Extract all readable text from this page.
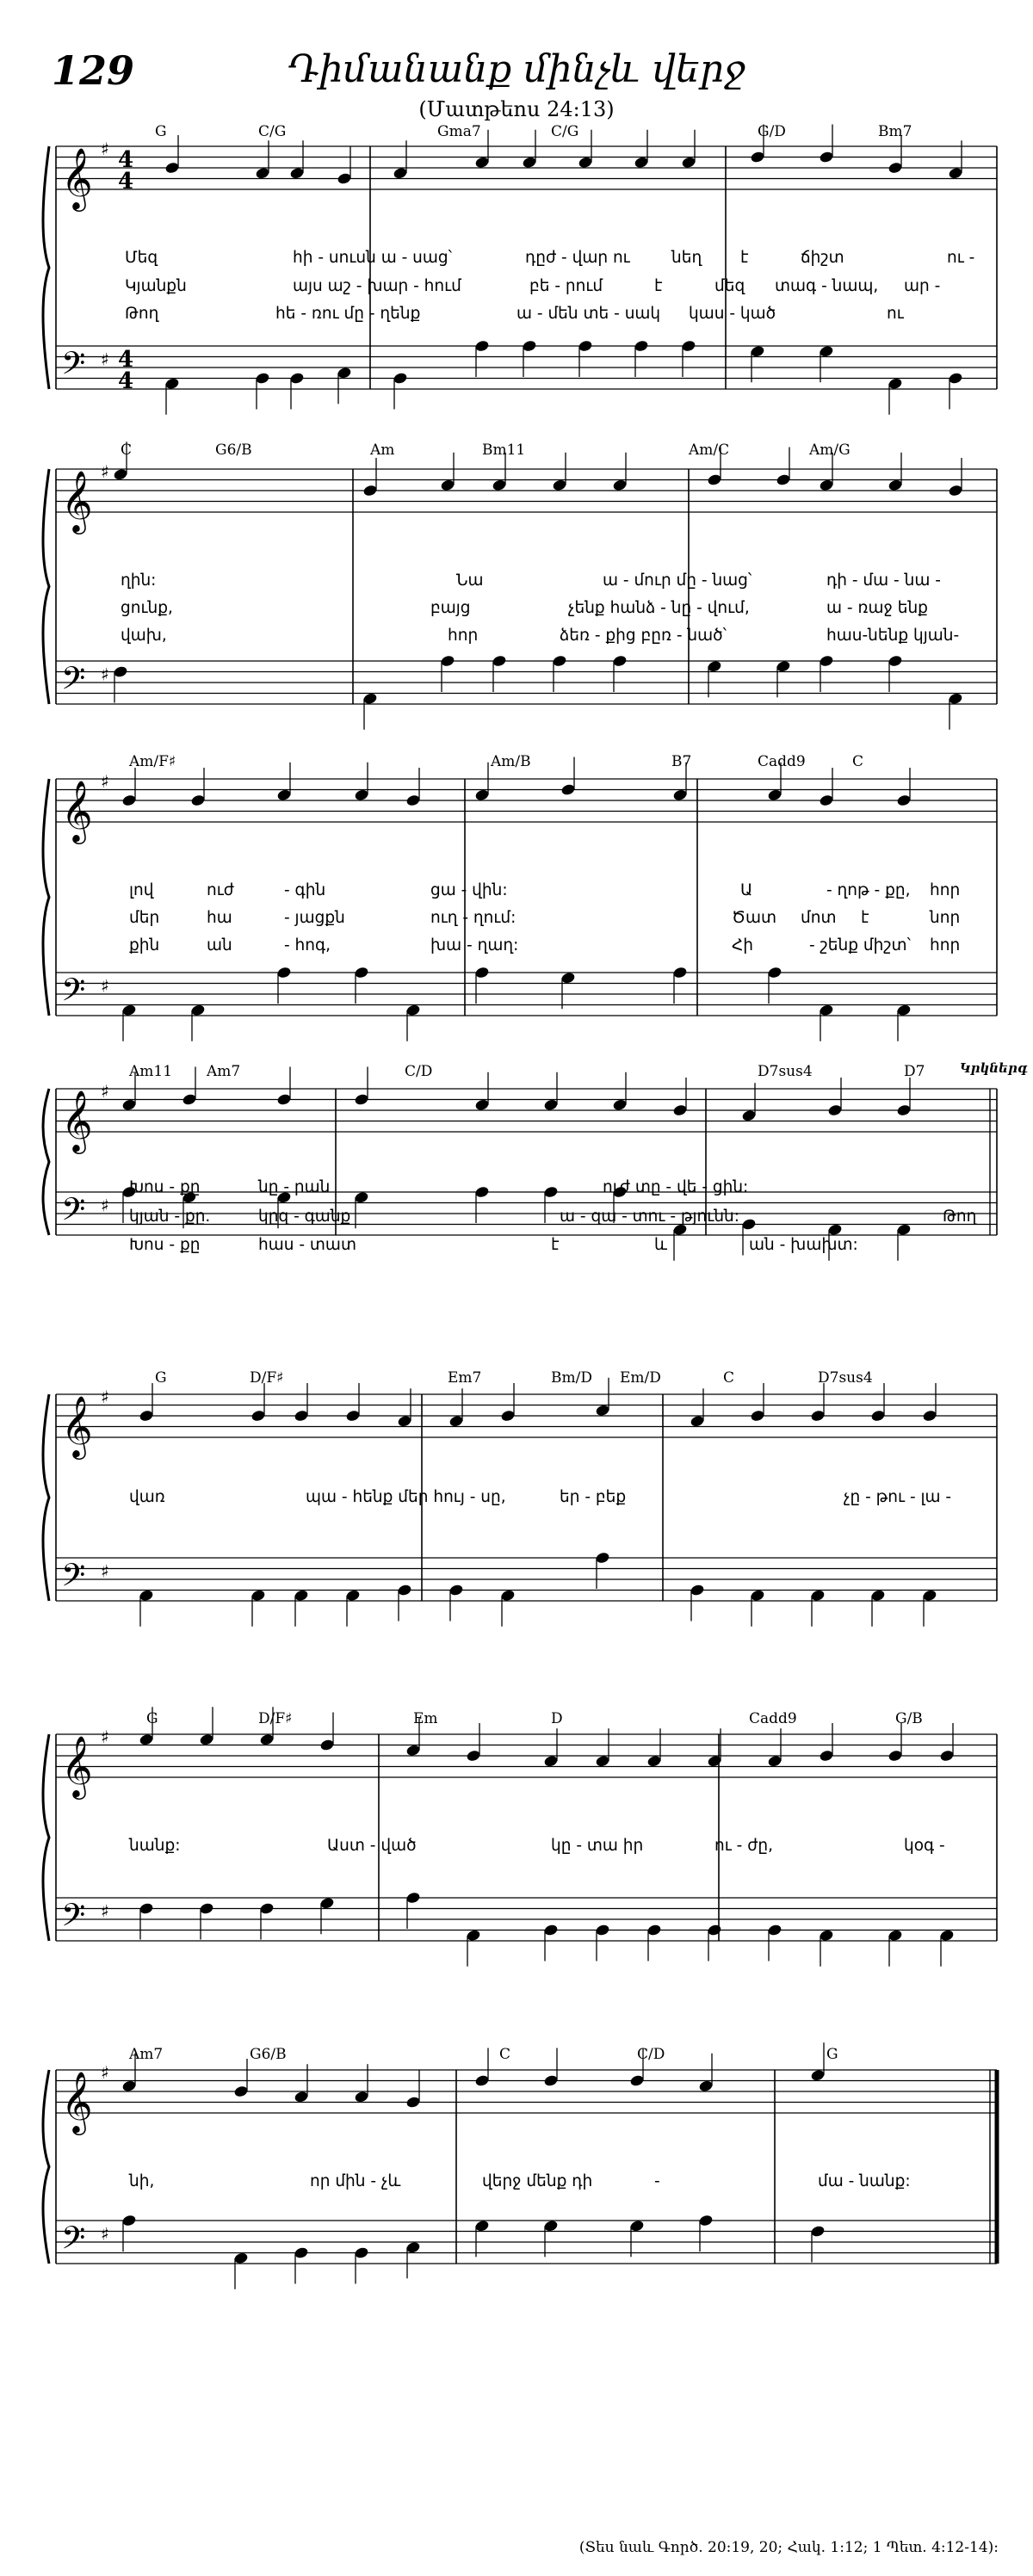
129	Դիմանանք մինչև վերջ
(Մատթեոս 24:13)
𝄞 ♯
𝄢 ♯
4
4
4
4
G	C/G	Gma7	C/G	G/D	Bm7
Մեզ	հի - սուսն ա - սաց՝	դըժ - վար ու	նեղ է	ճիշտ	ու -
Կյանքն	այս աշ - խար - հում	բե - րում	է	մեզ տագ - նապ, ար -
Թող	հե - ռու մը - ղենք	ա - մեն տե - սակ կաս - կած	ու
𝄞 ♯
𝄢 ♯
C	G6/B	Am	Bm11	Am/C	Am/G
ղին:	Նա	ա - մուր մը - նաց՝	դի - մա - նա -
ցունք,	բայց	չենք հանձ - նը - վում,	ա - ռաջ ենք
վախ,	հոր	ձեռ - քից բըռ - նած՝	հաս-նենք կյան-
𝄞 ♯
𝄢 ♯
Am/F♯	Am/B	B7	Cadd9	C
լով	ուժ	- գին	ցա - վին:	Ա	- ղոթ - քը, հոր
մեր	հա	- յացքն	ուղ - ղում:	Ծատ մոտ է	նոր
քին	ան	- հոգ,	խա - ղաղ:	Հի	- շենք միշտ՝ հոր
𝄞 ♯
𝄢 ♯
Am11 Am7	C/D	D7sus4	D7	Կրկներգ
Խոս - քը	նը - րան	ուժ տը - վե - ցին:
կյան - քը.	կըզ - գանք	ա - զա - տու - թյունն:	Թող
Խոս - քը	հաս - տատ	է	և	ան - խախտ:
𝄞 ♯
𝄢 ♯
G	D/F♯	Em7	Bm/D Em/D	C	D7sus4
վառ	պա - հենք մեր հույ - սը,	եր - բեք	չը - թու - լա -
𝄞 ♯
𝄢 ♯
G	D/F♯	Em	D	Cadd9	G/B
նանք:	Աստ - ված	կը - տա իր	ու - ժը,	կօգ -
𝄞 ♯
𝄢 ♯
Am7	G6/B	C	C/D	G
նի,	որ մին - չև	վերջ մենք դի	-	մա - նանք:
(Տես նաև Գործ. 20:19, 20; Հակ. 1:12; 1 Պետ. 4:12-14):
